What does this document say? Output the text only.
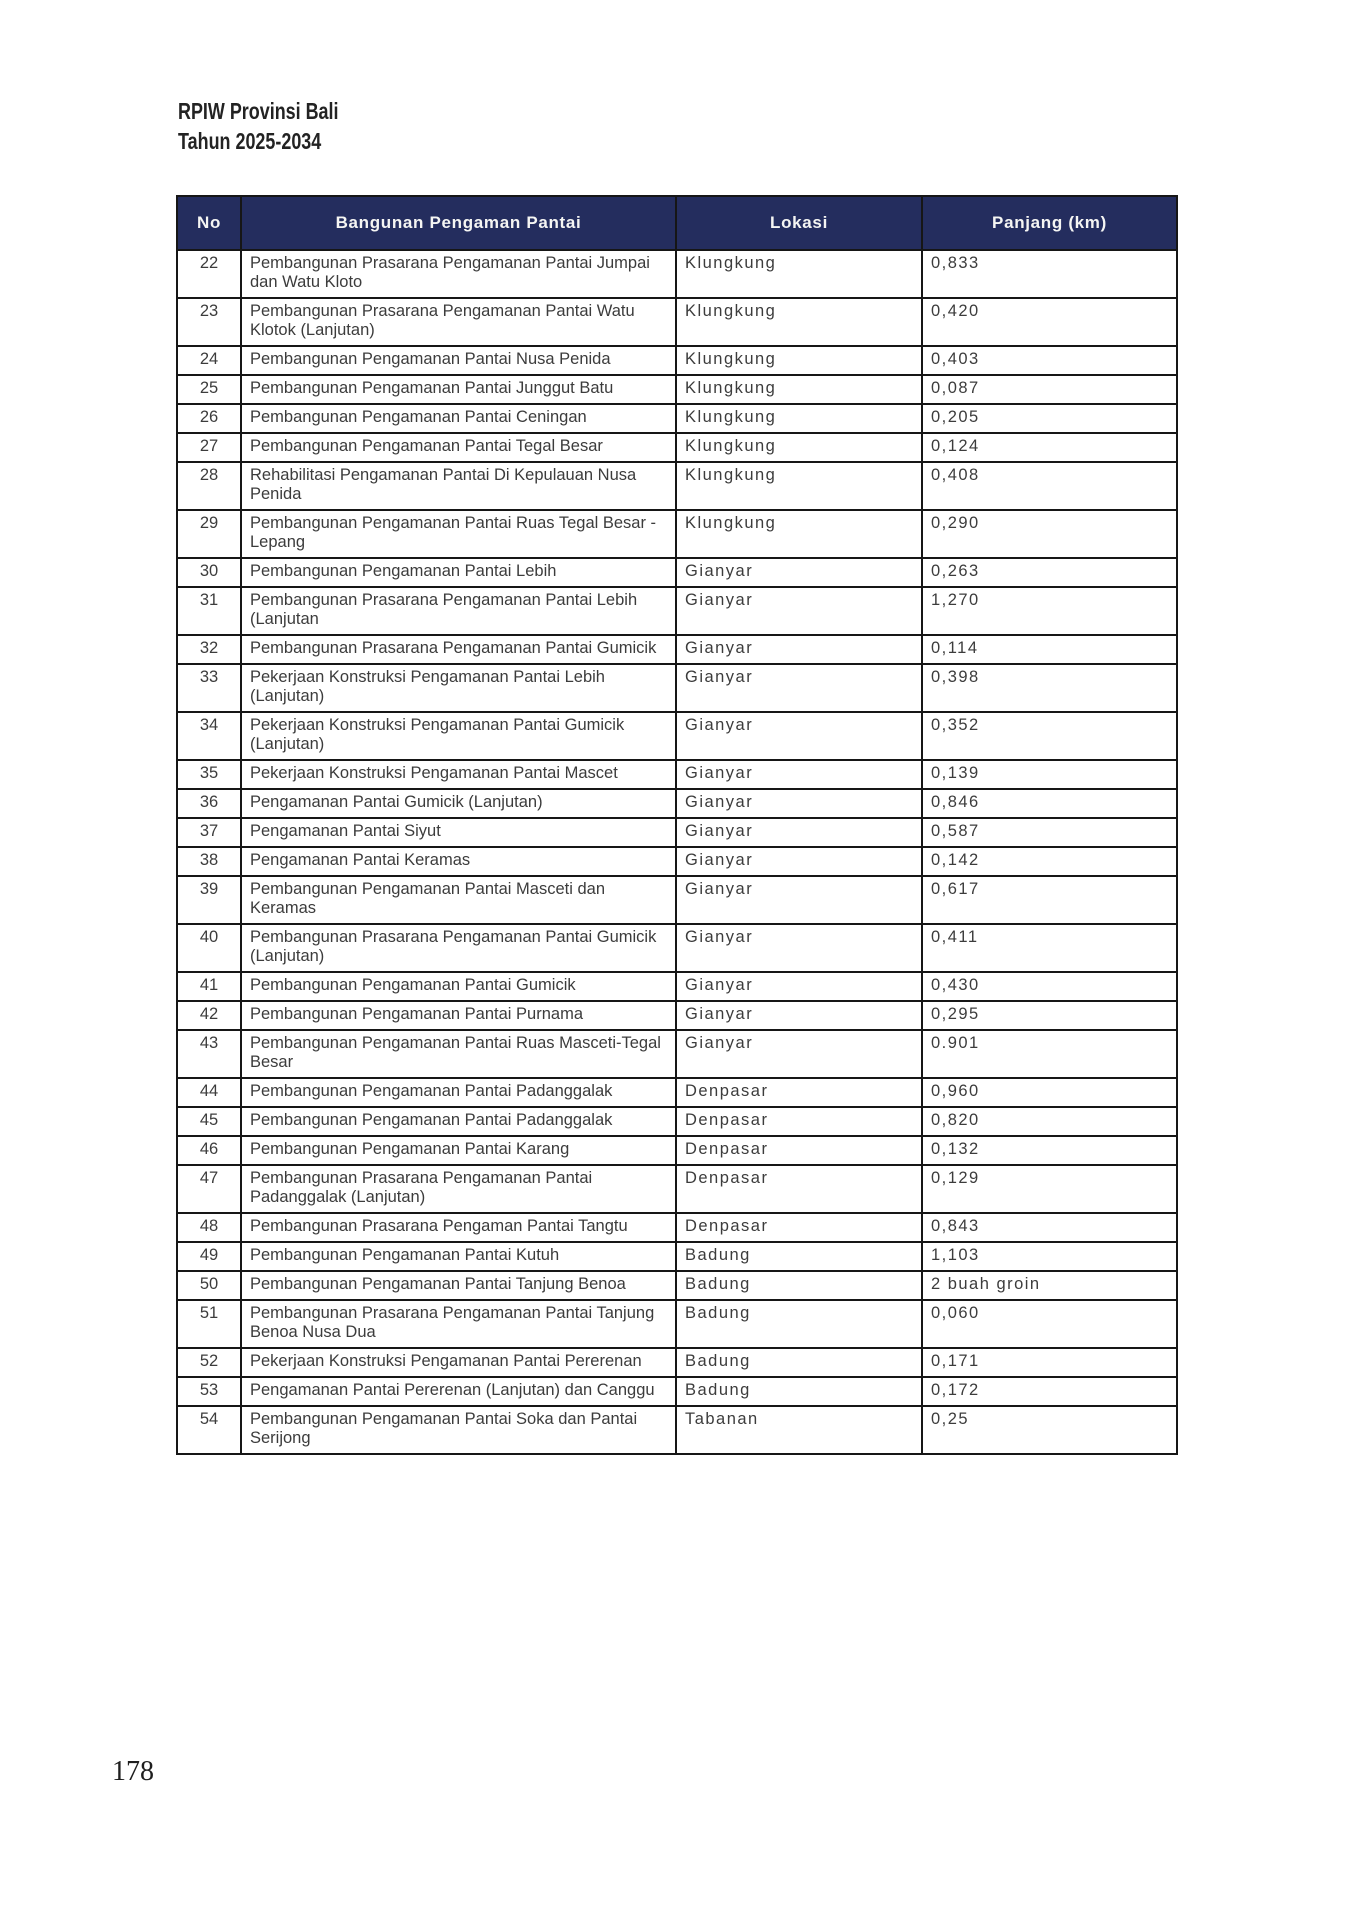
RPIW Provinsi Bali
Tahun 2025-2034
No	Bangunan Pengaman Pantai	Lokasi	Panjang (km)
22	Pembangunan Prasarana Pengamanan Pantai Jumpai dan Watu Kloto	Klungkung	0,833
23	Pembangunan Prasarana Pengamanan Pantai Watu Klotok (Lanjutan)	Klungkung	0,420
24	Pembangunan Pengamanan Pantai Nusa Penida	Klungkung	0,403
25	Pembangunan Pengamanan Pantai Junggut Batu	Klungkung	0,087
26	Pembangunan Pengamanan Pantai Ceningan	Klungkung	0,205
27	Pembangunan Pengamanan Pantai Tegal Besar	Klungkung	0,124
28	Rehabilitasi Pengamanan Pantai Di Kepulauan Nusa Penida	Klungkung	0,408
29	Pembangunan Pengamanan Pantai Ruas Tegal Besar - Lepang	Klungkung	0,290
30	Pembangunan Pengamanan Pantai Lebih	Gianyar	0,263
31	Pembangunan Prasarana Pengamanan Pantai Lebih (Lanjutan	Gianyar	1,270
32	Pembangunan Prasarana Pengamanan Pantai Gumicik	Gianyar	0,114
33	Pekerjaan Konstruksi Pengamanan Pantai Lebih (Lanjutan)	Gianyar	0,398
34	Pekerjaan Konstruksi Pengamanan Pantai Gumicik (Lanjutan)	Gianyar	0,352
35	Pekerjaan Konstruksi Pengamanan Pantai Mascet	Gianyar	0,139
36	Pengamanan Pantai Gumicik (Lanjutan)	Gianyar	0,846
37	Pengamanan Pantai Siyut	Gianyar	0,587
38	Pengamanan Pantai Keramas	Gianyar	0,142
39	Pembangunan Pengamanan Pantai Masceti dan Keramas	Gianyar	0,617
40	Pembangunan Prasarana Pengamanan Pantai Gumicik (Lanjutan)	Gianyar	0,411
41	Pembangunan Pengamanan Pantai Gumicik	Gianyar	0,430
42	Pembangunan Pengamanan Pantai Purnama	Gianyar	0,295
43	Pembangunan Pengamanan Pantai Ruas Masceti-Tegal Besar	Gianyar	0.901
44	Pembangunan Pengamanan Pantai Padanggalak	Denpasar	0,960
45	Pembangunan Pengamanan Pantai Padanggalak	Denpasar	0,820
46	Pembangunan Pengamanan Pantai Karang	Denpasar	0,132
47	Pembangunan Prasarana Pengamanan Pantai Padanggalak (Lanjutan)	Denpasar	0,129
48	Pembangunan Prasarana Pengaman Pantai Tangtu	Denpasar	0,843
49	Pembangunan Pengamanan Pantai Kutuh	Badung	1,103
50	Pembangunan Pengamanan Pantai Tanjung Benoa	Badung	2 buah groin
51	Pembangunan Prasarana Pengamanan Pantai Tanjung Benoa Nusa Dua	Badung	0,060
52	Pekerjaan Konstruksi Pengamanan Pantai Pererenan	Badung	0,171
53	Pengamanan Pantai Pererenan (Lanjutan) dan Canggu	Badung	0,172
54	Pembangunan Pengamanan Pantai Soka dan Pantai Serijong	Tabanan	0,25
178
